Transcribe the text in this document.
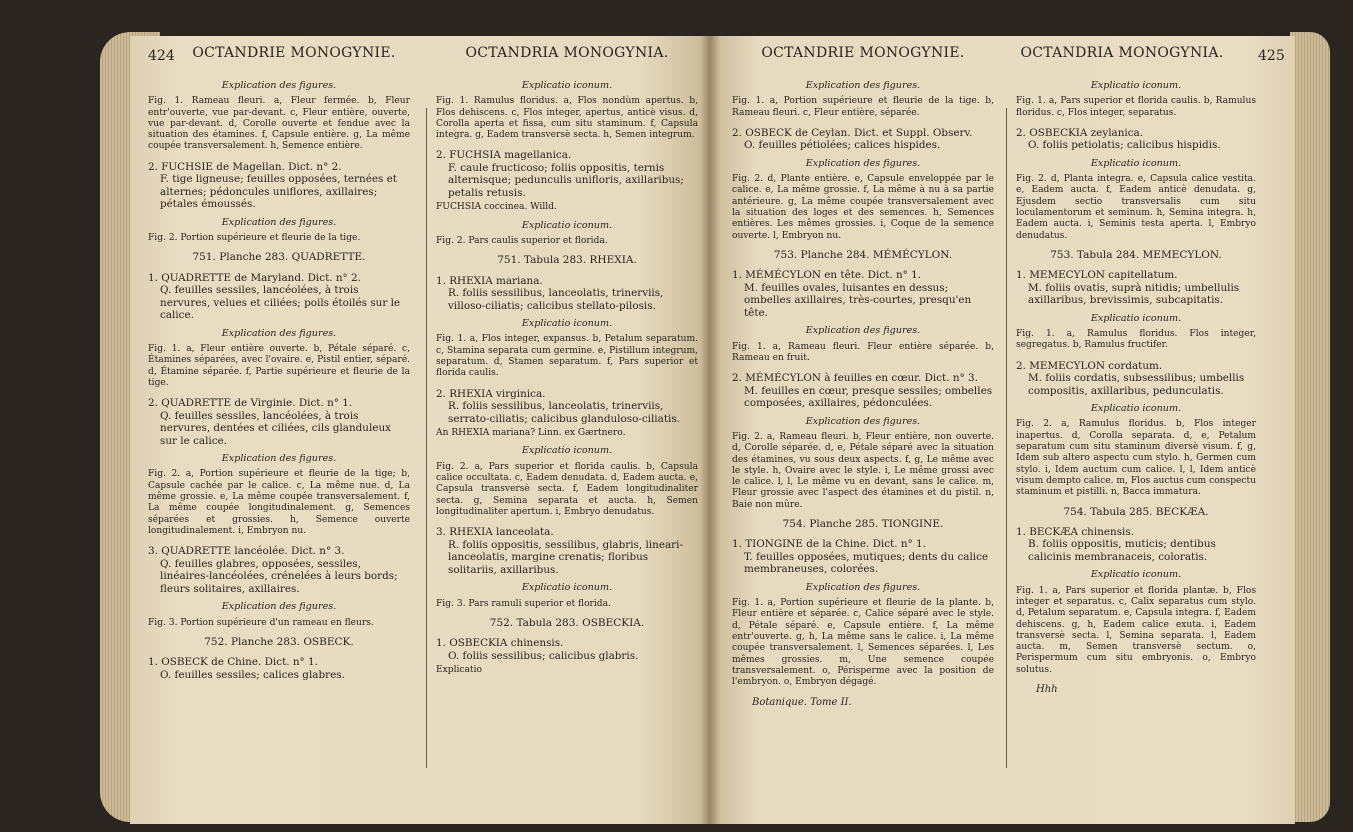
424	OCTANDRIE MONOGYNIE.
Explication des figures.
Fig. 1. Rameau fleuri. a, Fleur fermée. b, Fleur entr'ouverte, vue par-devant. c, Fleur entière, ouverte, vue par-devant. d, Corolle ouverte et fendue avec la situation des étamines. f, Capsule entière. g, La même coupée transversalement. h, Semence entière.
2. FUCHSIE de Magellan. Dict. n° 2.
F. tige ligneuse; feuilles opposées, ternées et alternes; pédoncules uniflores, axillaires; pétales émoussés.
Explication des figures.
Fig. 2. Portion supérieure et fleurie de la tige.
751. Planche 283. QUADRETTE.
1. QUADRETTE de Maryland. Dict. n° 2.
Q. feuilles sessiles, lancéolées, à trois nervures, velues et ciliées; poils étoilés sur le calice.
Explication des figures.
Fig. 1. a, Fleur entière ouverte. b, Pétale séparé. c, Étamines séparées, avec l'ovaire. e, Pistil entier, séparé. d, Étamine séparée. f, Partie supérieure et fleurie de la tige.
2. QUADRETTE de Virginie. Dict. n° 1.
Q. feuilles sessiles, lancéolées, à trois nervures, dentées et ciliées, cils glanduleux sur le calice.
Explication des figures.
Fig. 2. a, Portion supérieure et fleurie de la tige; b, Capsule cachée par le calice. c, La même nue. d, La même grossie. e, La même coupée transversalement. f, La même coupée longitudinalement. g, Semences séparées et grossies. h, Semence ouverte longitudinalement. i, Embryon nu.
3. QUADRETTE lancéolée. Dict. n° 3.
Q. feuilles glabres, opposées, sessiles, linéaires-lancéolées, crénelées à leurs bords; fleurs solitaires, axillaires.
Explication des figures.
Fig. 3. Portion supérieure d'un rameau en fleurs.
752. Planche 283. OSBECK.
1. OSBECK de Chine. Dict. n° 1.
O. feuilles sessiles; calices glabres.
OCTANDRIA MONOGYNIA.
Explicatio iconum.
Fig. 1. Ramulus floridus. a, Flos nondùm apertus. b, Flos dehiscens. c, Flos integer, apertus, anticè visus. d, Corolla aperta et fissa, cum situ staminum. f, Capsula integra. g, Eadem transversè secta. h, Semen integrum.
2. FUCHSIA magellanica.
F. caule fructicoso; foliis oppositis, ternis alternisque; pedunculis unifloris, axillaribus; petalis retusis.
FUCHSIA coccinea. Willd.
Explicatio iconum.
Fig. 2. Pars caulis superior et florida.
751. Tabula 283. RHEXIA.
1. RHEXIA mariana.
R. foliis sessilibus, lanceolatis, trinerviis, villoso-ciliatis; calicibus stellato-pilosis.
Explicatio iconum.
Fig. 1. a, Flos integer, expansus. b, Petalum separatum. c, Stamina separata cum germine. e, Pistillum integrum, separatum. d, Stamen separatum. f, Pars superior et florida caulis.
2. RHEXIA virginica.
R. foliis sessilibus, lanceolatis, trinerviis, serrato-ciliatis; calicibus glanduloso-ciliatis.
An RHEXIA mariana? Linn. ex Gærtnero.
Explicatio iconum.
Fig. 2. a, Pars superior et florida caulis. b, Capsula calice occultata. c, Eadem denudata. d, Eadem aucta. e, Capsula transversè secta. f, Eadem longitudinaliter secta. g, Semina separata et aucta. h, Semen longitudinaliter apertum. i, Embryo denudatus.
3. RHEXIA lanceolata.
R. foliis oppositis, sessilibus, glabris, lineari-lanceolatis, margine crenatis; floribus solitariis, axillaribus.
Explicatio iconum.
Fig. 3. Pars ramuli superior et florida.
752. Tabula 283. OSBECKIA.
1. OSBECKIA chinensis.
O. foliis sessilibus; calicibus glabris.
Explicatio
OCTANDRIE MONOGYNIE.
Explication des figures.
Fig. 1. a, Portion supérieure et fleurie de la tige. b, Rameau fleuri. c, Fleur entière, séparée.
2. OSBECK de Ceylan. Dict. et Suppl. Observ.
O. feuilles pétiolées; calices hispides.
Explication des figures.
Fig. 2. d, Plante entière. e, Capsule enveloppée par le calice. e, La même grossie. f, La même à nu à sa partie antérieure. g, La même coupée transversalement avec la situation des loges et des semences. h, Semences entières. Les mêmes grossies. i, Coque de la semence ouverte. l, Embryon nu.
753. Planche 284. MÉMÉCYLON.
1. MÉMÉCYLON en tête. Dict. n° 1.
M. feuilles ovales, luisantes en dessus; ombelles axillaires, très-courtes, presqu'en tête.
Explication des figures.
Fig. 1. a, Rameau fleuri. Fleur entière séparée. b, Rameau en fruit.
2. MÉMÉCYLON à feuilles en cœur. Dict. n° 3.
M. feuilles en cœur, presque sessiles; ombelles composées, axillaires, pédonculées.
Explication des figures.
Fig. 2. a, Rameau fleuri. b, Fleur entière, non ouverte. d, Corolle séparée. d, e, Pétale séparé avec la situation des étamines, vu sous deux aspects. f, g, Le même avec le style. h, Ovaire avec le style. i, Le même grossi avec le calice. l, l, Le même vu en devant, sans le calice. m, Fleur grossie avec l'aspect des étamines et du pistil. n, Baie non mûre.
754. Planche 285. TIONGINE.
1. TIONGINE de la Chine. Dict. n° 1.
T. feuilles opposées, mutiques; dents du calice membraneuses, colorées.
Explication des figures.
Fig. 1. a, Portion supérieure et fleurie de la plante. b, Fleur entière et séparée. c, Calice séparé avec le style. d, Pétale séparé. e, Capsule entière. f, La même entr'ouverte. g, h, La même sans le calice. i, La même coupée transversalement. l, Semences séparées. l, Les mêmes grossies. m, Une semence coupée transversalement. o, Périsperme avec la position de l'embryon. o, Embryon dégagé.
Botanique. Tome II.
OCTANDRIA MONOGYNIA.
Explicatio iconum.
Fig. 1. a, Pars superior et florida caulis. b, Ramulus floridus. c, Flos integer, separatus.
2. OSBECKIA zeylanica.
O. foliis petiolatis; calicibus hispidis.
Explicatio iconum.
Fig. 2. d, Planta integra. e, Capsula calice vestita. e, Eadem aucta. f, Eadem anticè denudata. g, Ejusdem sectio transversalis cum situ loculamentorum et seminum. h, Semina integra. h, Eadem aucta. i, Seminis testa aperta. l, Embryo denudatus.
753. Tabula 284. MEMECYLON.
1. MEMECYLON capitellatum.
M. foliis ovatis, suprà nitidis; umbellulis axillaribus, brevissimis, subcapitatis.
Explicatio iconum.
Fig. 1. a, Ramulus floridus. Flos integer, segregatus. b, Ramulus fructifer.
2. MEMECYLON cordatum.
M. foliis cordatis, subsessilibus; umbellis compositis, axillaribus, pedunculatis.
Explicatio iconum.
Fig. 2. a, Ramulus floridus. b, Flos integer inapertus. d, Corolla separata. d, e, Petalum separatum cum situ staminum diversè visum. f, g, Idem sub altero aspectu cum stylo. h, Germen cum stylo. i, Idem auctum cum calice. l, l, Idem anticè visum dempto calice. m, Flos auctus cum conspectu staminum et pistilli. n, Bacca immatura.
754. Tabula 285. BECKÆA.
1. BECKÆA chinensis.
B. foliis oppositis, muticis; dentibus calicinis membranaceis, coloratis.
Explicatio iconum.
Fig. 1. a, Pars superior et florida plantæ. b, Flos integer et separatus. c, Calix separatus cum stylo. d, Petalum separatum. e, Capsula integra. f, Eadem dehiscens. g, h, Eadem calice exuta. i, Eadem transversè secta. l, Semina separata. l, Eadem aucta. m, Semen transversè sectum. o, Perispermum cum situ embryonis. o, Embryo solutus.
Hhh
425
